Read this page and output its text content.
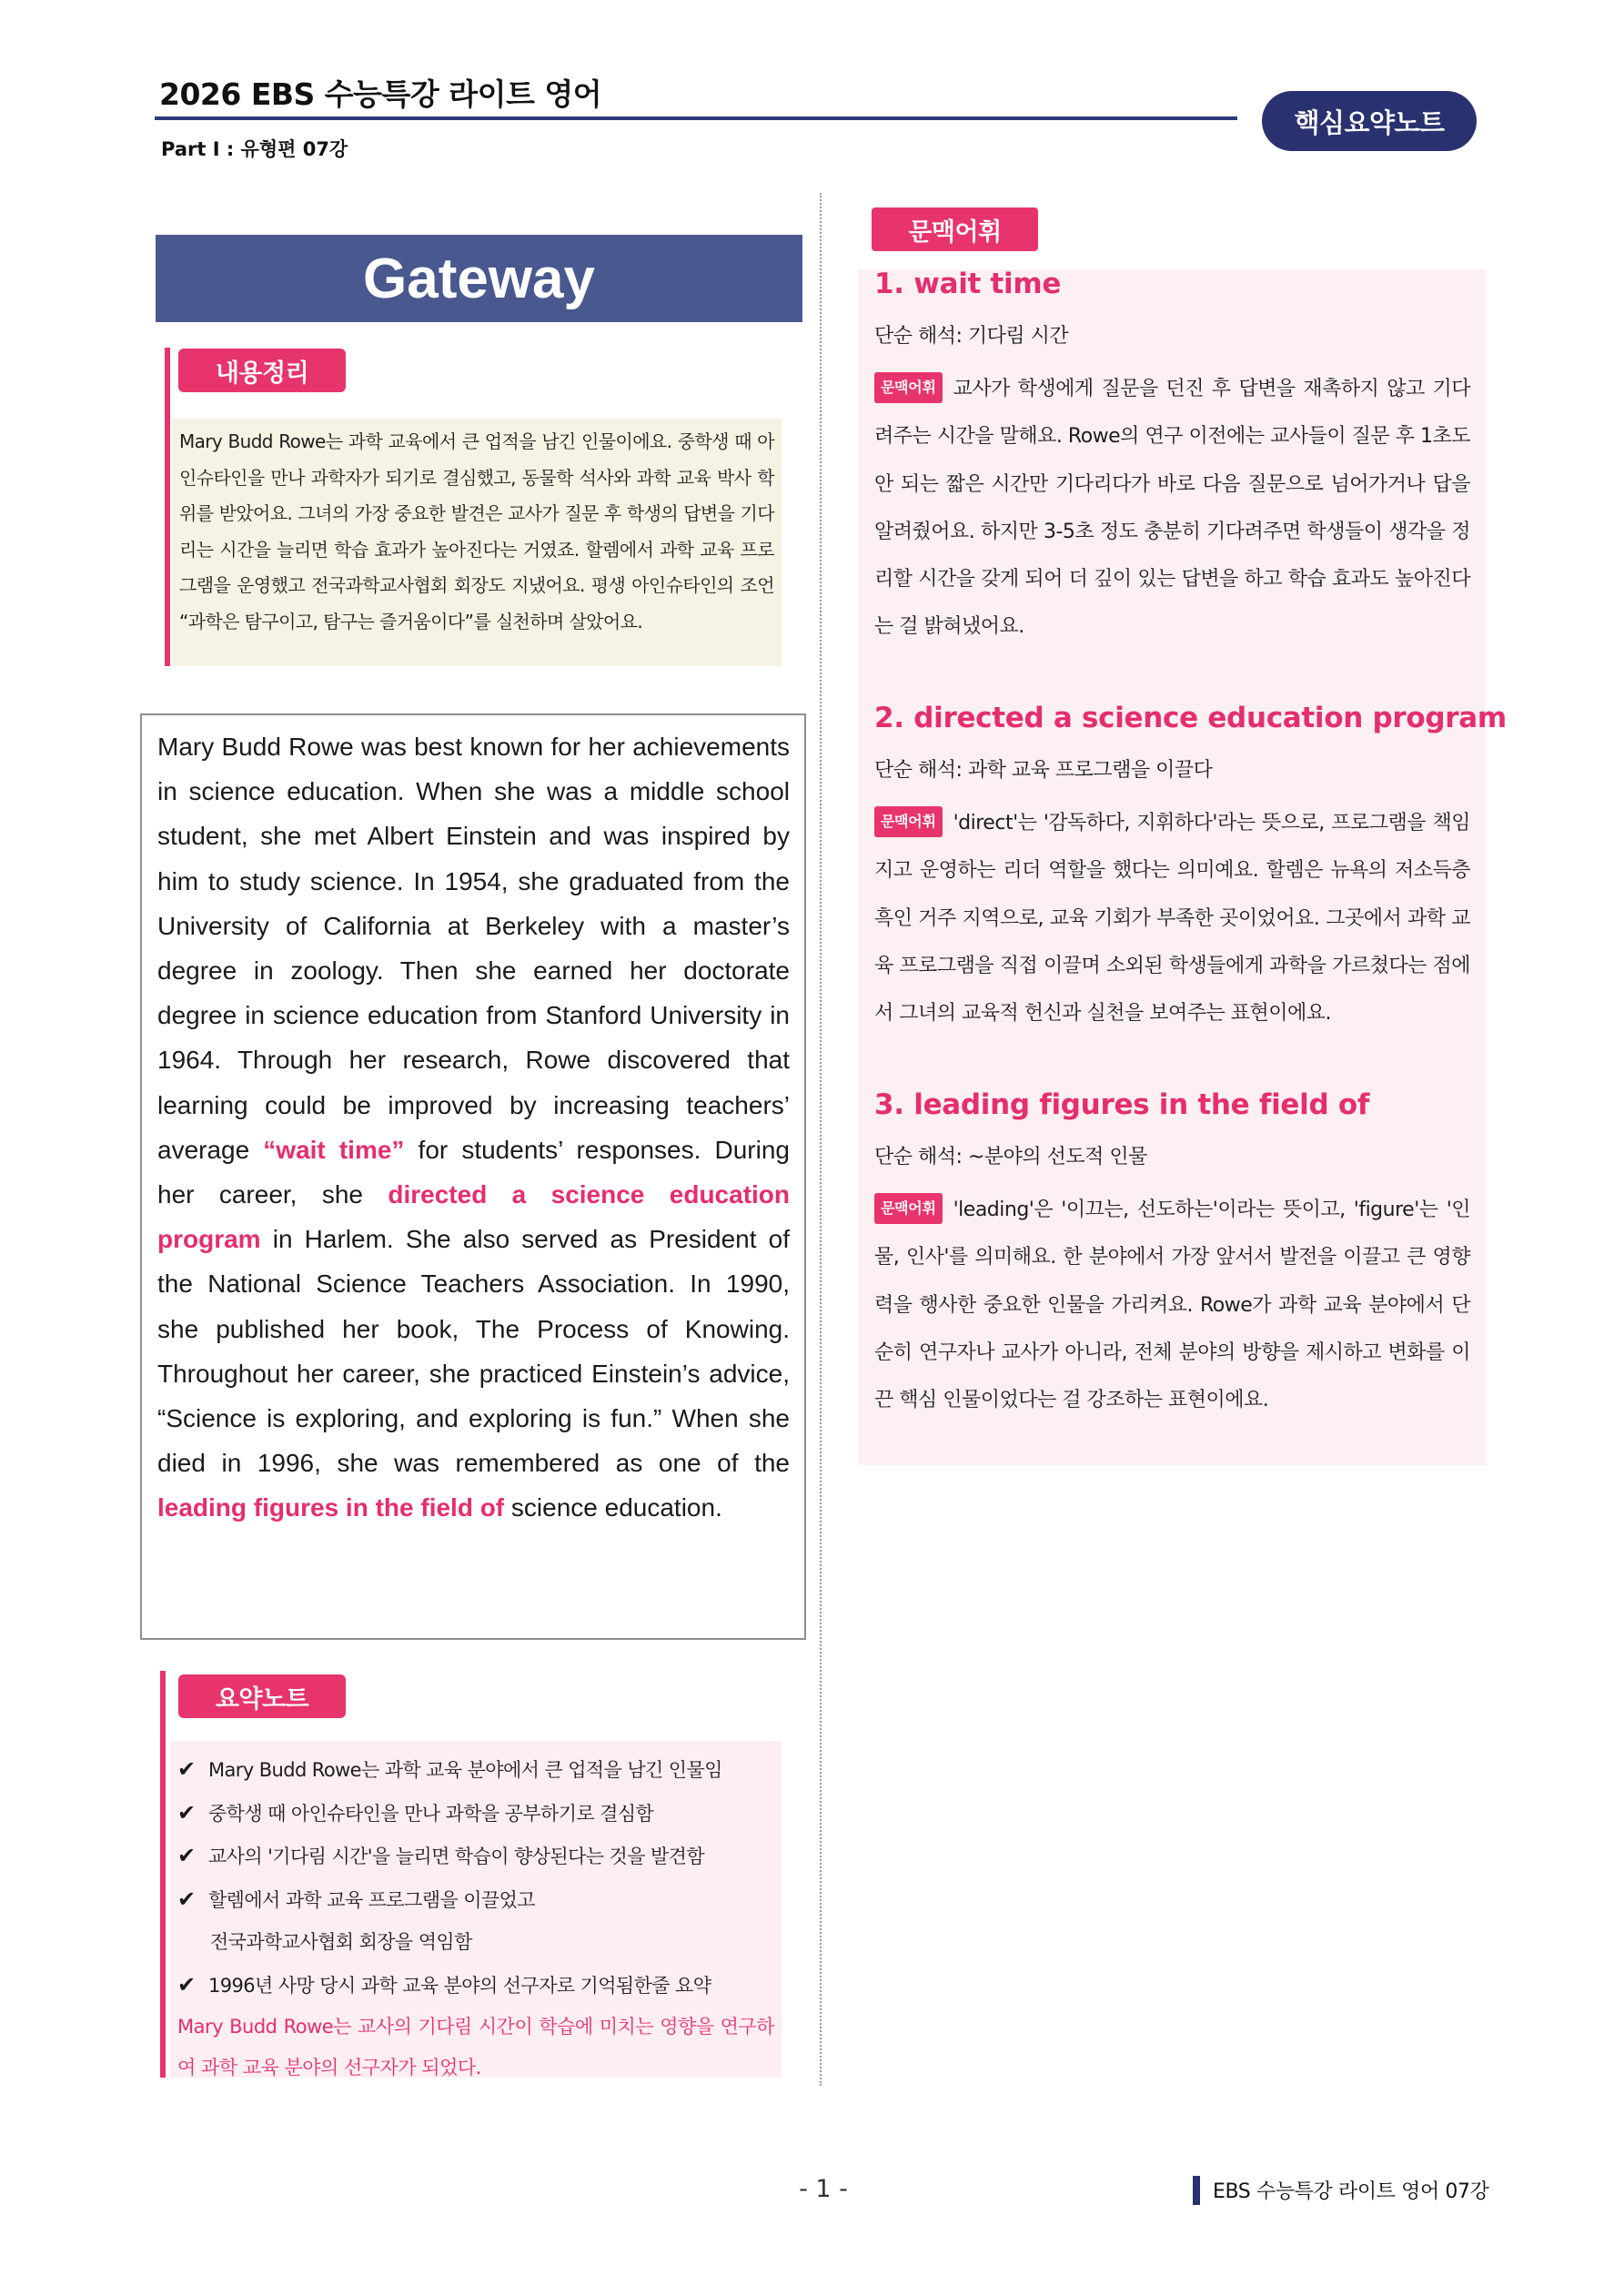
2026 EBS 수능특강 라이트 영어
Part Ⅰ : 유형편 07강
핵심요약노트
Gateway
내용정리
Mary Budd Rowe는 과학 교육에서 큰 업적을 남긴 인물이에요. 중학생 때 아인슈타인을 만나 과학자가 되기로 결심했고, 동물학 석사와 과학 교육 박사 학위를 받았어요. 그녀의 가장 중요한 발견은 교사가 질문 후 학생의 답변을 기다리는 시간을 늘리면 학습 효과가 높아진다는 거였죠. 할렘에서 과학 교육 프로그램을 운영했고 전국과학교사협회 회장도 지냈어요. 평생 아인슈타인의 조언 “과학은 탐구이고, 탐구는 즐거움이다”를 실천하며 살았어요.
Mary Budd Rowe was best known for her achievements in science education. When she was a middle school student, she met Albert Einstein and was inspired by him to study science. In 1954, she graduated from the University of California at Berkeley with a master’s degree in zoology. Then she earned her doctorate degree in science education from Stanford University in 1964. Through her research, Rowe discovered that learning could be improved by increasing teachers’ average “wait time” for students’ responses. During her career, she directed a science education program in Harlem. She also served as President of the National Science Teachers Association. In 1990, she published her book, The Process of Knowing. Throughout her career, she practiced Einstein’s advice, “Science is exploring, and exploring is fun.” When she died in 1996, she was remembered as one of the leading figures in the field of science education.
요약노트
✔ Mary Budd Rowe는 과학 교육 분야에서 큰 업적을 남긴 인물임
✔ 중학생 때 아인슈타인을 만나 과학을 공부하기로 결심함
✔ 교사의 '기다림 시간'을 늘리면 학습이 향상된다는 것을 발견함
✔ 할렘에서 과학 교육 프로그램을 이끌었고
전국과학교사협회 회장을 역임함
✔ 1996년 사망 당시 과학 교육 분야의 선구자로 기억됨한줄 요약
Mary Budd Rowe는 교사의 기다림 시간이 학습에 미치는 영향을 연구하여 과학 교육 분야의 선구자가 되었다.
문맥어휘
1. wait time
단순 해석: 기다림 시간
문맥어휘 교사가 학생에게 질문을 던진 후 답변을 재촉하지 않고 기다려주는 시간을 말해요. Rowe의 연구 이전에는 교사들이 질문 후 1초도 안 되는 짧은 시간만 기다리다가 바로 다음 질문으로 넘어가거나 답을 알려줬어요. 하지만 3-5초 정도 충분히 기다려주면 학생들이 생각을 정리할 시간을 갖게 되어 더 깊이 있는 답변을 하고 학습 효과도 높아진다는 걸 밝혀냈어요.
2. directed a science education program
단순 해석: 과학 교육 프로그램을 이끌다
문맥어휘 'direct'는 '감독하다, 지휘하다'라는 뜻으로, 프로그램을 책임지고 운영하는 리더 역할을 했다는 의미예요. 할렘은 뉴욕의 저소득층 흑인 거주 지역으로, 교육 기회가 부족한 곳이었어요. 그곳에서 과학 교육 프로그램을 직접 이끌며 소외된 학생들에게 과학을 가르쳤다는 점에서 그녀의 교육적 헌신과 실천을 보여주는 표현이에요.
3. leading figures in the field of
단순 해석: ~분야의 선도적 인물
문맥어휘 'leading'은 '이끄는, 선도하는'이라는 뜻이고, 'figure'는 '인물, 인사'를 의미해요. 한 분야에서 가장 앞서서 발전을 이끌고 큰 영향력을 행사한 중요한 인물을 가리켜요. Rowe가 과학 교육 분야에서 단순히 연구자나 교사가 아니라, 전체 분야의 방향을 제시하고 변화를 이끈 핵심 인물이었다는 걸 강조하는 표현이에요.
- 1 -	EBS 수능특강 라이트 영어 07강
